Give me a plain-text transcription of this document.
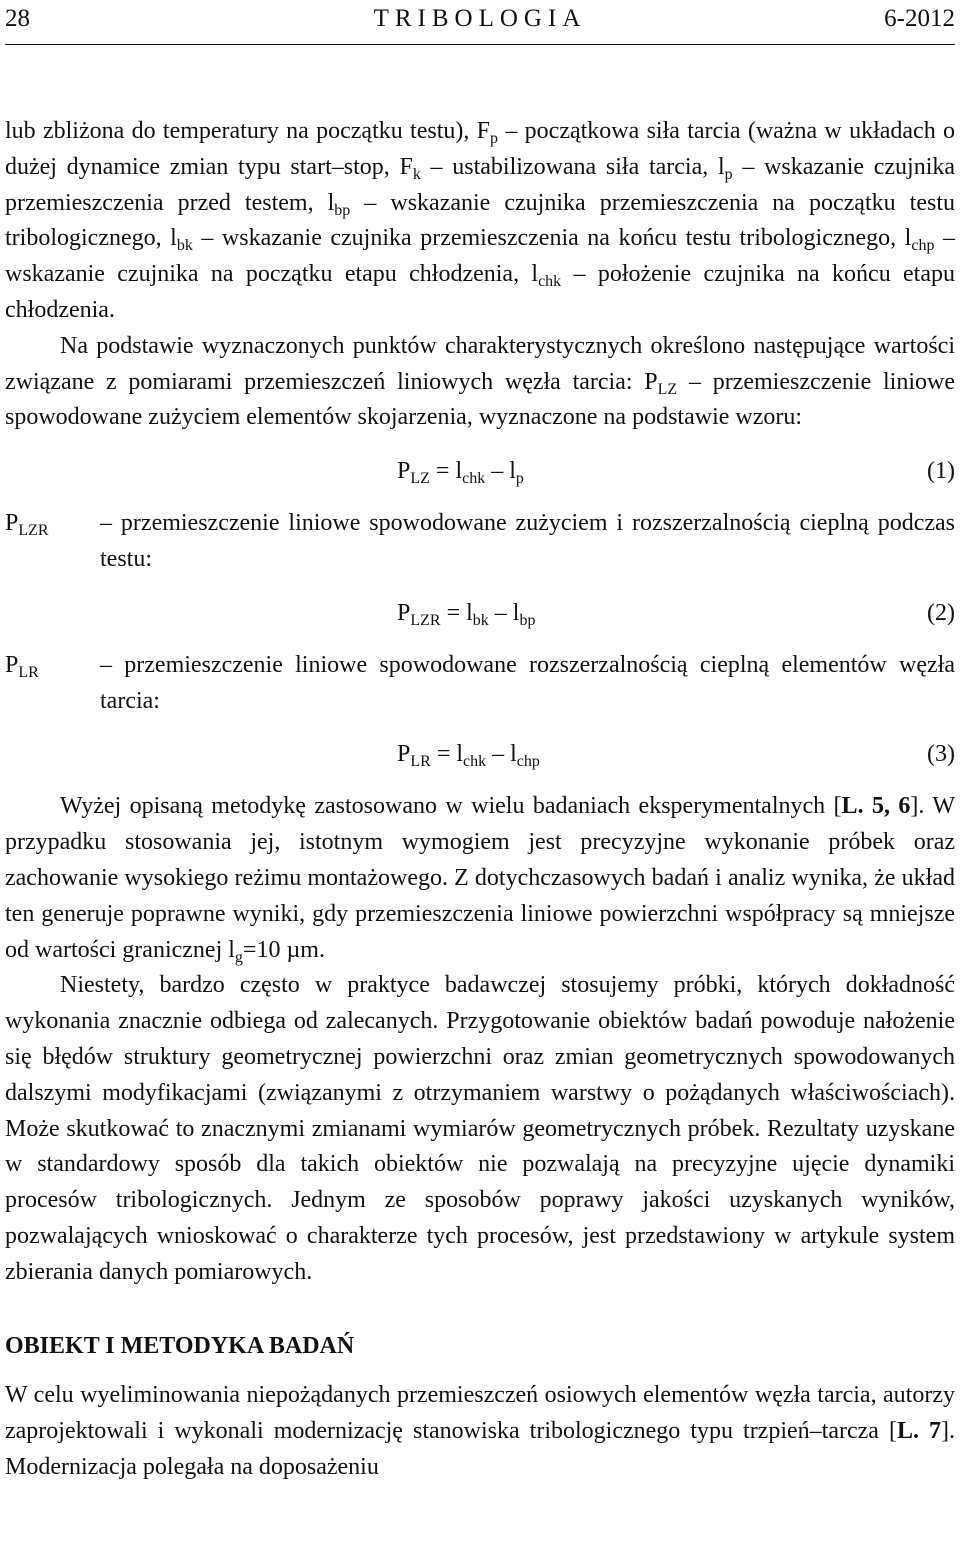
28	TRIBOLOGIA	6-2012

lub zbliżona do temperatury na początku testu), $F_p$ – początkowa siła tarcia (ważna w układach o dużej dynamice zmian typu start–stop, $F_k$ – ustabilizowana siła tarcia, $l_p$ – wskazanie czujnika przemieszczenia przed testem, $l_{bp}$ – wskazanie czujnika przemieszczenia na początku testu tribologicznego, $l_{bk}$ – wskazanie czujnika przemieszczenia na końcu testu tribologicznego, $l_{chp}$ – wskazanie czujnika na początku etapu chłodzenia, $l_{chk}$ – położenie czujnika na końcu etapu chłodzenia.

Na podstawie wyznaczonych punktów charakterystycznych określono następujące wartości związane z pomiarami przemieszczeń liniowych węzła tarcia: $P_{LZ}$ – przemieszczenie liniowe spowodowane zużyciem elementów skojarzenia, wyznaczone na podstawie wzoru:

$P_{LZ} = l_{chk} - l_p$	(1)
$P_{LZR}$	– przemieszczenie liniowe spowodowane zużyciem i rozszerzalnością cieplną podczas testu:
$P_{LZR} = l_{bk} - l_{bp}$	(2)
$P_{LR}$	– przemieszczenie liniowe spowodowane rozszerzalnością cieplną elementów węzła tarcia:
$P_{LR} = l_{chk} - l_{chp}$	(3)

Wyżej opisaną metodykę zastosowano w wielu badaniach eksperymentalnych [L. 5, 6]. W przypadku stosowania jej, istotnym wymogiem jest precyzyjne wykonanie próbek oraz zachowanie wysokiego reżimu montażowego. Z dotychczasowych badań i analiz wynika, że układ ten generuje poprawne wyniki, gdy przemieszczenia liniowe powierzchni współpracy są mniejsze od wartości granicznej $l_g=10$ µm.

Niestety, bardzo często w praktyce badawczej stosujemy próbki, których dokładność wykonania znacznie odbiega od zalecanych. Przygotowanie obiektów badań powoduje nałożenie się błędów struktury geometrycznej powierzchni oraz zmian geometrycznych spowodowanych dalszymi modyfikacjami (związanymi z otrzymaniem warstwy o pożądanych właściwościach). Może skutkować to znacznymi zmianami wymiarów geometrycznych próbek. Rezultaty uzyskane w standardowy sposób dla takich obiektów nie pozwalają na precyzyjne ujęcie dynamiki procesów tribologicznych. Jednym ze sposobów poprawy jakości uzyskanych wyników, pozwalających wnioskować o charakterze tych procesów, jest przedstawiony w artykule system zbierania danych pomiarowych.

OBIEKT I METODYKA BADAŃ

W celu wyeliminowania niepożądanych przemieszczeń osiowych elementów węzła tarcia, autorzy zaprojektowali i wykonali modernizację stanowiska tribologicznego typu trzpień–tarcza [L. 7]. Modernizacja polegała na doposażeniu
